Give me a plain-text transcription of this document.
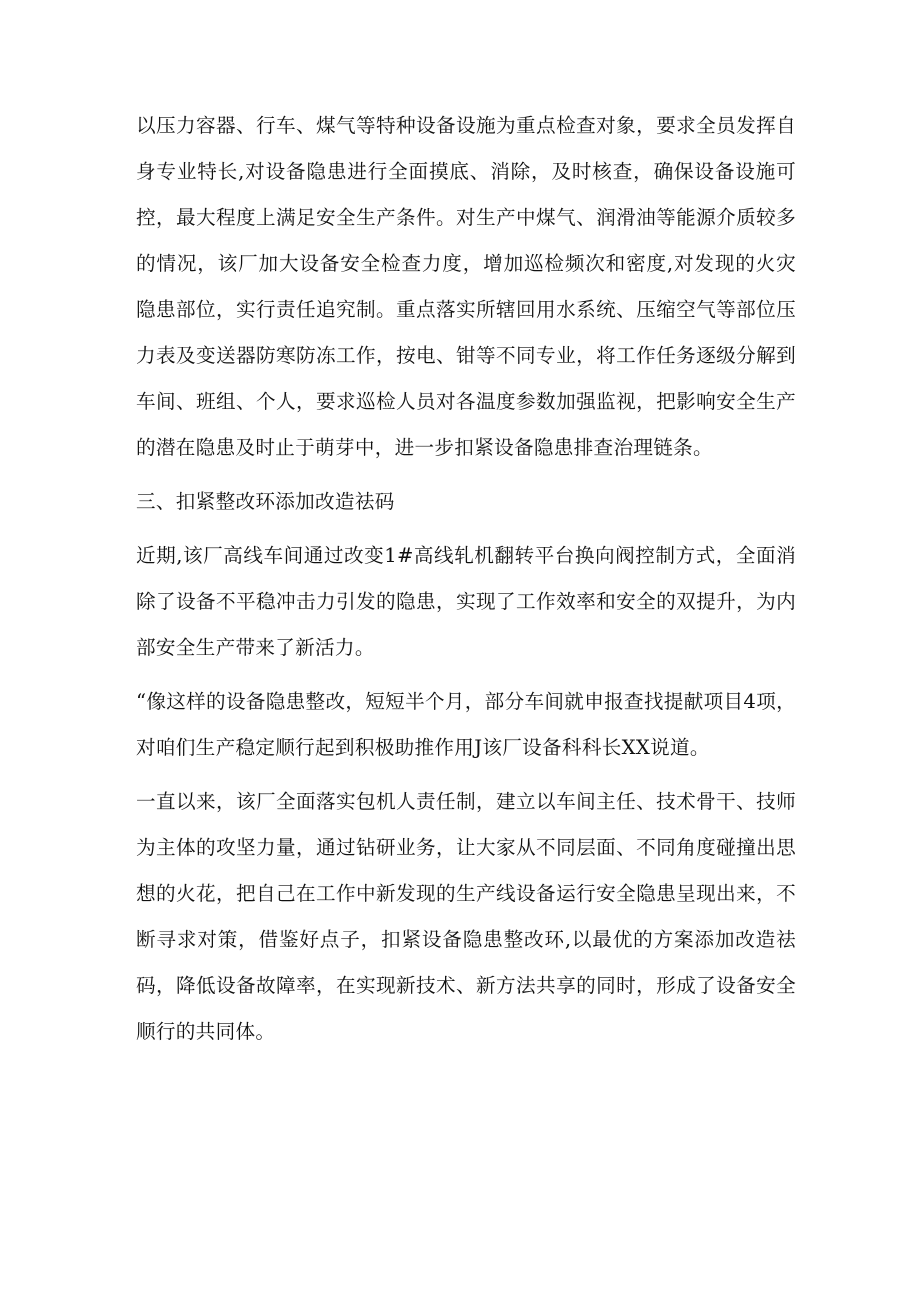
以压力容器、行车、煤气等特种设备设施为重点检查对象，要求全员发挥自身专业特长,对设备隐患进行全面摸底、消除，及时核查，确保设备设施可控，最大程度上满足安全生产条件。对生产中煤气、润滑油等能源介质较多的情况，该厂加大设备安全检查力度，增加巡检频次和密度,对发现的火灾隐患部位，实行责任追究制。重点落实所辖回用水系统、压缩空气等部位压力表及变送器防寒防冻工作，按电、钳等不同专业，将工作任务逐级分解到车间、班组、个人，要求巡检人员对各温度参数加强监视，把影响安全生产的潜在隐患及时止于萌芽中，进一步扣紧设备隐患排查治理链条。

三、扣紧整改环添加改造祛码

近期,该厂高线车间通过改变1#高线轧机翻转平台换向阀控制方式，全面消除了设备不平稳冲击力引发的隐患，实现了工作效率和安全的双提升，为内部安全生产带来了新活力。

“像这样的设备隐患整改，短短半个月，部分车间就申报查找提献项目4项，对咱们生产稳定顺行起到积极助推作用J该厂设备科科长XX说道。

一直以来，该厂全面落实包机人责任制，建立以车间主任、技术骨干、技师为主体的攻坚力量，通过钻研业务，让大家从不同层面、不同角度碰撞出思想的火花，把自己在工作中新发现的生产线设备运行安全隐患呈现出来，不断寻求对策，借鉴好点子，扣紧设备隐患整改环,以最优的方案添加改造祛码，降低设备故障率，在实现新技术、新方法共享的同时，形成了设备安全顺行的共同体。
